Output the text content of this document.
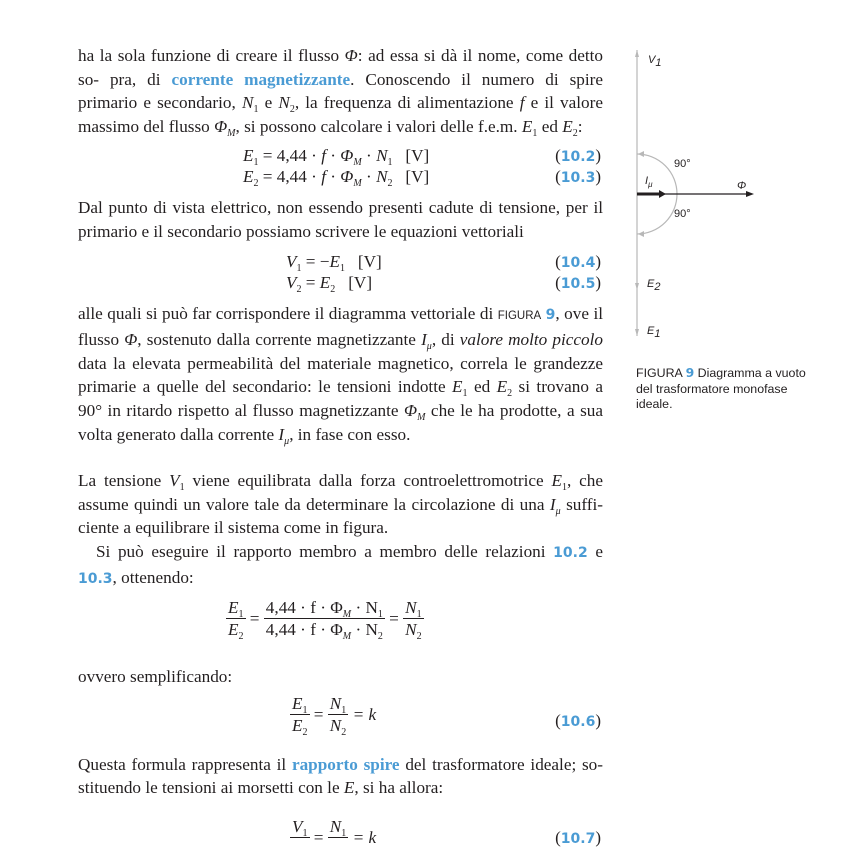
ha la sola funzione di creare il flusso Φ: ad essa si dà il nome, come detto so- pra, di corrente magnetizzante. Conoscendo il numero di spire primario e secondario, $N_1$ e $N_2$, la frequenza di alimentazione f e il valore massimo del flusso $\Phi_M$, si possono calcolare i valori delle f.e.m. $E_1$ ed $E_2$:

$E_1 = 4,44 \cdot f \cdot \Phi_M \cdot N_1$   [V]	(10.2)
$E_2 = 4,44 \cdot f \cdot \Phi_M \cdot N_2$   [V]	(10.3)

Dal punto di vista elettrico, non essendo presenti cadute di tensione, per il primario e il secondario possiamo scrivere le equazioni vettoriali

$V_1 = -E_1$   [V]	(10.4)
$V_2 = E_2$   [V]	(10.5)

alle quali si può far corrispondere il diagramma vettoriale di FIGURA 9, ove il flusso Φ, sostenuto dalla corrente magnetizzante $I_\mu$, di valore molto piccolo data la elevata permeabilità del materiale magnetico, correla le grandezze primarie a quelle del secondario: le tensioni indotte $E_1$ ed $E_2$ si trovano a 90° in ritardo rispetto al flusso magnetizzante $\Phi_M$ che le ha prodotte, a sua volta generato dalla corrente $I_\mu$, in fase con esso.

La tensione $V_1$ viene equilibrata dalla forza controelettromotrice $E_1$, che assume quindi un valore tale da determinare la circolazione di una $I_\mu$ suffi- ciente a equilibrare il sistema come in figura.

Si può eseguire il rapporto membro a membro delle relazioni 10.2 e 10.3, ottenendo:

$\frac{E_1}{E_2} = \frac{4,44 \cdot f \cdot \Phi_M \cdot N_1}{4,44 \cdot f \cdot \Phi_M \cdot N_2} = \frac{N_1}{N_2}$

ovvero semplificando:

$\frac{E_1}{E_2} = \frac{N_1}{N_2} = k$	(10.6)

Questa formula rappresenta il rapporto spire del trasformatore ideale; so- stituendo le tensioni ai morsetti con le E, si ha allora:

$V_1$
=
$N_1$
= k	(10.7)
V1
90°
$I_\mu$	Φ
90°
E2
E1
FIGURA 9 Diagramma a vuoto del trasformatore monofase ideale.
